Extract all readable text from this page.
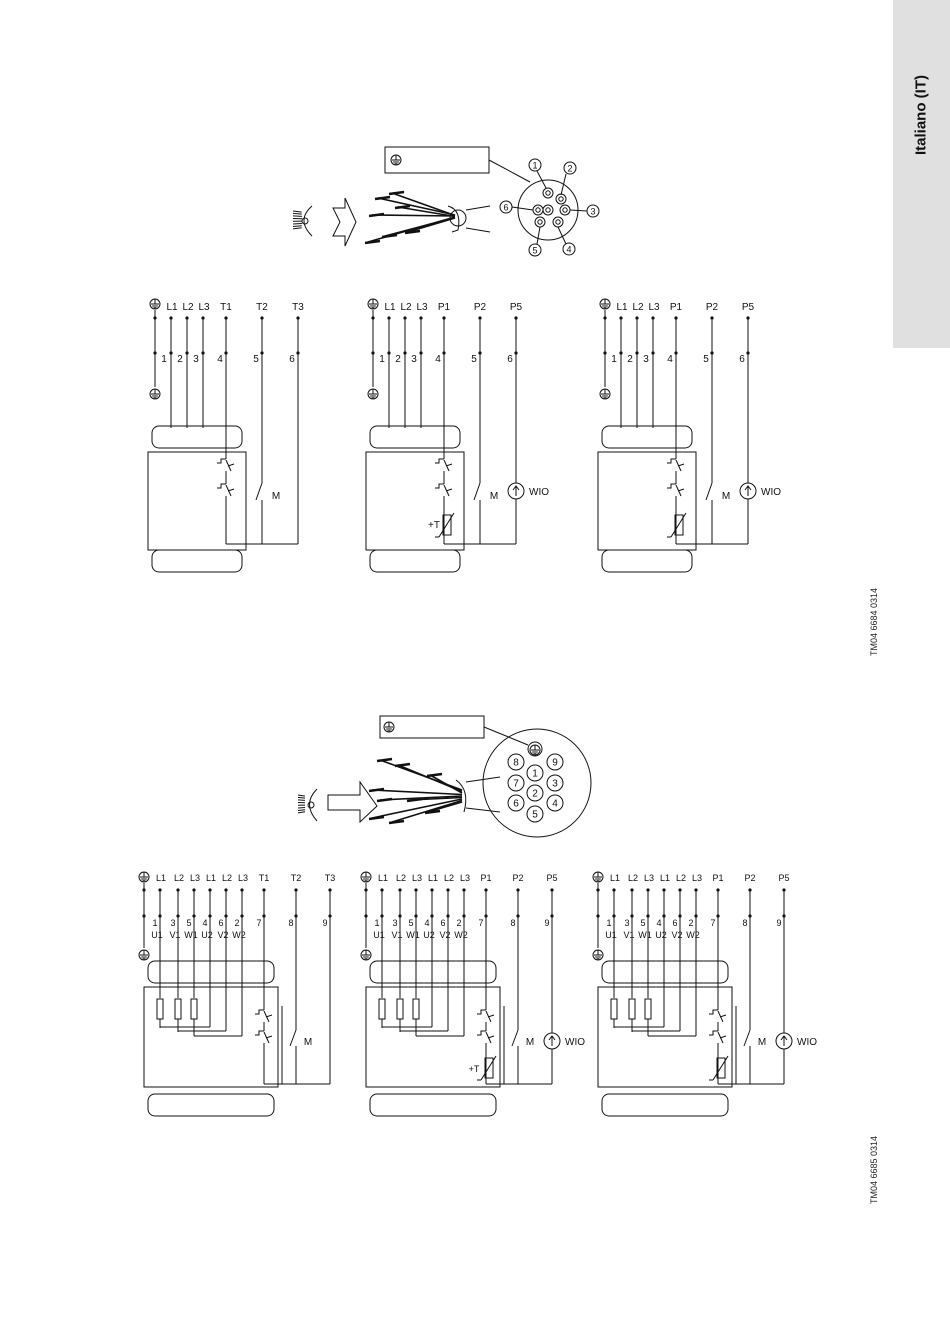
Italiano (IT)
TM04 6684 0314
TM04 6685 0314
1	2
3
4
5
6
L1 L2 L3 T1 T2 T3
1 2 3 4	5	6
M
L1 L2 L3 P1 P2 P5
1 2 3 4	5	6
+T
M	WIO
L1 L2 L3 P1 P2 P5
1 2 3 4	5	6
M	WIO
1
2
3
4
5
6
7
8	9
L1 L2 L3 L1 L2 L3 T1 T2	T3
1 3 5 4 6 2 7	8	9
U1 V1 W1 U2 V2 W2
M
L1 L2 L3 L1 L2 L3 P1 P2	P5
1 3 5 4 6 2 7	8	9
U1 V1 W1 U2 V2 W2
+T
M	WIO
L1 L2 L3 L1 L2 L3 P1 P2	P5
1 3 5 4 6 2 7	8	9
U1 V1 W1 U2 V2 W2
M	WIO
